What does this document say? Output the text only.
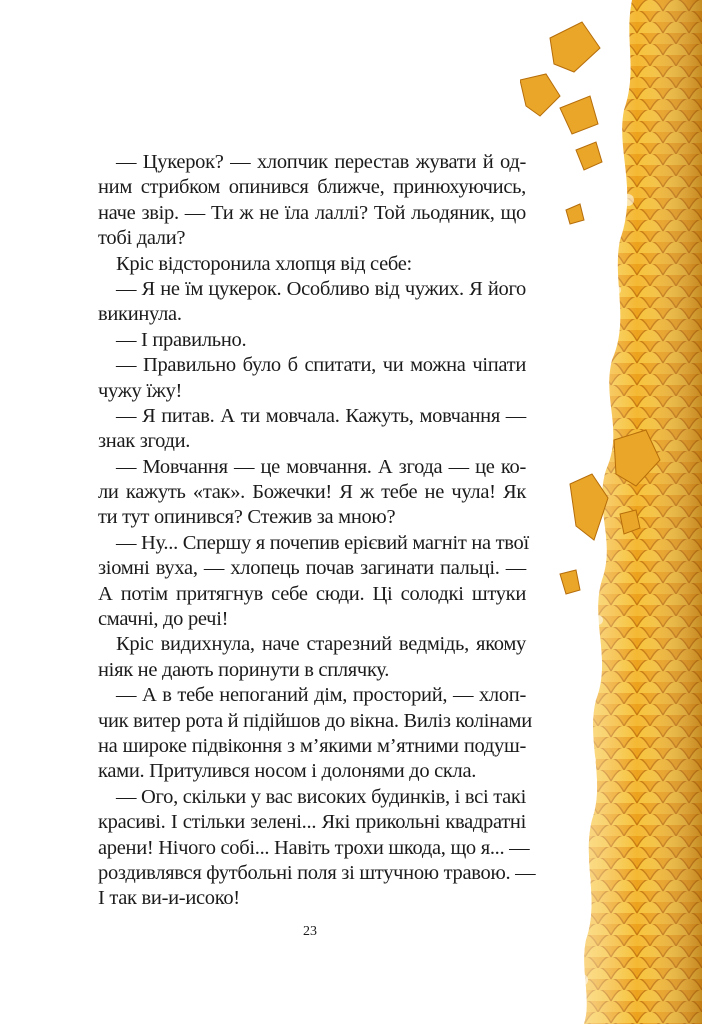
— Цукерок? — хлопчик перестав жувати й од-
ним стрибком опинився ближче, принюхуючись,
наче звір. — Ти ж не їла лаллі? Той льодяник, що
тобі дали?
Кріс відсторонила хлопця від себе:
— Я не їм цукерок. Особливо від чужих. Я його
викинула.
— І правильно.
— Правильно було б спитати, чи можна чіпати
чужу їжу!
— Я питав. А ти мовчала. Кажуть, мовчання —
знак згоди.
— Мовчання — це мовчання. А згода — це ко-
ли кажуть «так». Божечки! Я ж тебе не чула! Як
ти тут опинився? Стежив за мною?
— Ну... Спершу я почепив ерієвий магніт на твої
зіомні вуха, — хлопець почав загинати пальці. —
А потім притягнув себе сюди. Ці солодкі штуки
смачні, до речі!
Кріс видихнула, наче старезний ведмідь, якому
ніяк не дають поринути в сплячку.
— А в тебе непоганий дім, просторий, — хлоп-
чик витер рота й підійшов до вікна. Виліз колінами
на широке підвіконня з м’якими м’ятними подуш-
ками. Притулився носом і долонями до скла.
— Ого, скільки у вас високих будинків, і всі такі
красиві. І стільки зелені... Які прикольні квадратні
арени! Нічого собі... Навіть трохи шкода, що я... —
роздивлявся футбольні поля зі штучною травою. —
І так ви-и-исоко!
23
